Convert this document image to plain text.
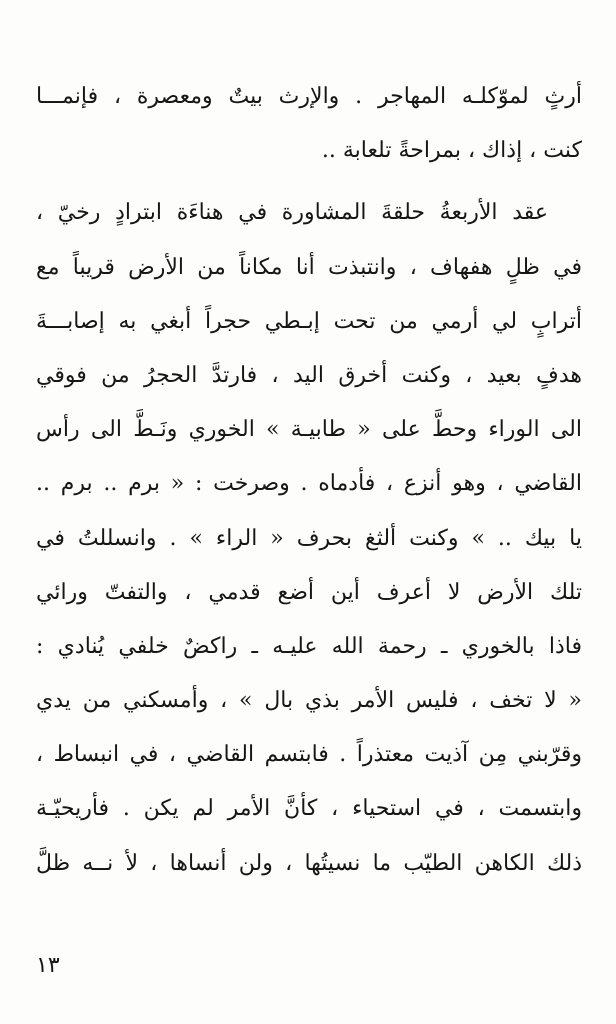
أرثٍ لموّكلـه المهاجر . والإرث بيتٌ ومعصرة ، فإنمـــا
كنت ، إذاك ، بمراحةً تلعابة ..
عقد الأربعةُ حلقةَ المشاورة في هناءَة ابترادٍ رخيّ ،
في ظلٍ هفهاف ، وانتبذت أنا مكاناً من الأرض قريباً مع
أترابٍ لي أرمي من تحت إبـطي حجراً أبغي به إصابـــةَ
هدفٍ بعيد ، وكنت أخرق اليد ، فارتدَّ الحجرُ من فوقي
الى الوراء وحطَّ على « طابيـة » الخوري ونَـطَّ الى رأس
القاضي ، وهو أنزع ، فأدماه . وصرخت : « برم .. برم ..
يا بيك .. » وكنت ألثغ بحرف « الراء » . وانسللتُ في
تلك الأرض لا أعرف أين أضع قدمي ، والتفتّ ورائي
فاذا بالخوري ـ رحمة الله عليـه ـ راكضٌ خلفي يُنادي :
« لا تخف ، فليس الأمر بذي بال » ، وأمسكني من يدي
وقرّبني مِن آذيت معتذراً . فابتسم القاضي ، في انبساط ،
وابتسمت ، في استحياء ، كأنَّ الأمر لم يكن . فأريحيّـة
ذلك الكاهن الطيّب ما نسيتُها ، ولن أنساها ، لأ نــه ظلَّ
١٣
